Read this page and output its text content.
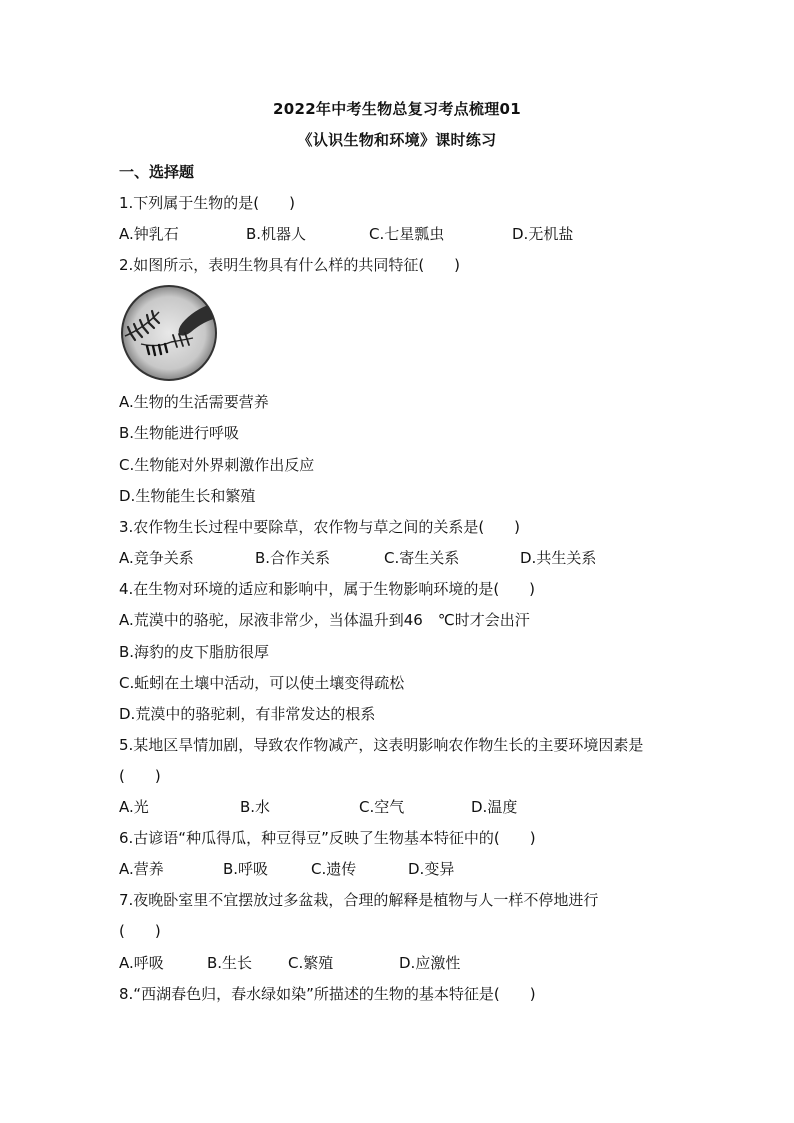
2022年中考生物总复习考点梳理01
《认识生物和环境》课时练习
一、选择题
1.下列属于生物的是(　　)
A.钟乳石	B.机器人	C.七星瓢虫	D.无机盐
2.如图所示，表明生物具有什么样的共同特征(　　)
A.生物的生活需要营养
B.生物能进行呼吸
C.生物能对外界刺激作出反应
D.生物能生长和繁殖
3.农作物生长过程中要除草，农作物与草之间的关系是(　　)
A.竞争关系	B.合作关系	C.寄生关系	D.共生关系
4.在生物对环境的适应和影响中，属于生物影响环境的是(　　)
A.荒漠中的骆驼，尿液非常少，当体温升到46　℃时才会出汗
B.海豹的皮下脂肪很厚
C.蚯蚓在土壤中活动，可以使土壤变得疏松
D.荒漠中的骆驼刺，有非常发达的根系
5.某地区旱情加剧，导致农作物减产，这表明影响农作物生长的主要环境因素是
(　　)
A.光	B.水	C.空气	D.温度
6.古谚语“种瓜得瓜，种豆得豆”反映了生物基本特征中的(　　)
A.营养	B.呼吸	C.遗传	D.变异
7.夜晚卧室里不宜摆放过多盆栽，合理的解释是植物与人一样不停地进行
(　　)
A.呼吸	B.生长 C.繁殖	D.应激性
8.“西湖春色归，春水绿如染”所描述的生物的基本特征是(　　)
